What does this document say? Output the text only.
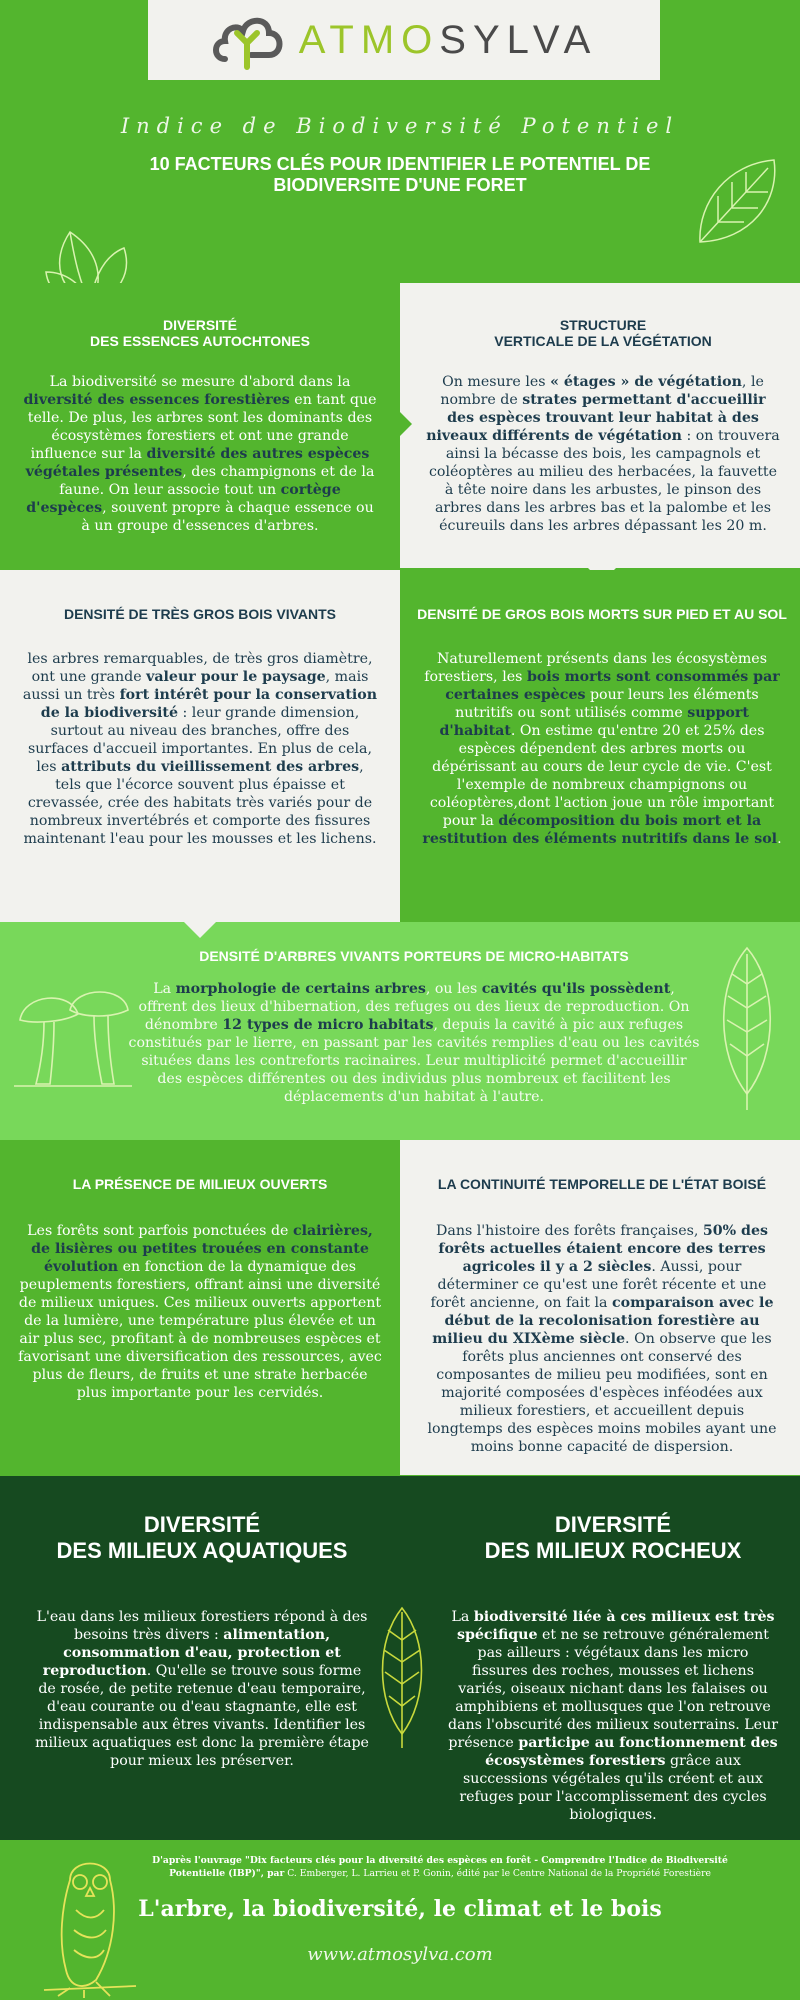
ATMOSYLVA
Indice de Biodiversité Potentiel
10 FACTEURS CLÉS POUR IDENTIFIER LE POTENTIEL DE BIODIVERSITE D'UNE FORET
DIVERSITÉ
DES ESSENCES AUTOCHTONES

La biodiversité se mesure d'abord dans la diversité des essences forestières en tant que telle. De plus, les arbres sont les dominants des écosystèmes forestiers et ont une grande influence sur la diversité des autres espèces végétales présentes, des champignons et de la faune. On leur associe tout un cortège d'espèces, souvent propre à chaque essence ou à un groupe d'essences d'arbres.

STRUCTURE
VERTICALE DE LA VÉGÉTATION

On mesure les « étages » de végétation, le nombre de strates permettant d'accueillir des espèces trouvant leur habitat à des niveaux différents de végétation : on trouvera ainsi la bécasse des bois, les campagnols et coléoptères au milieu des herbacées, la fauvette à tête noire dans les arbustes, le pinson des arbres dans les arbres bas et la palombe et les écureuils dans les arbres dépassant les 20 m.

DENSITÉ DE TRÈS GROS BOIS VIVANTS

les arbres remarquables, de très gros diamètre, ont une grande valeur pour le paysage, mais aussi un très fort intérêt pour la conservation de la biodiversité : leur grande dimension, surtout au niveau des branches, offre des surfaces d'accueil importantes. En plus de cela, les attributs du vieillissement des arbres, tels que l'écorce souvent plus épaisse et crevassée, crée des habitats très variés pour de nombreux invertébrés et comporte des fissures maintenant l'eau pour les mousses et les lichens.

DENSITÉ DE GROS BOIS MORTS SUR PIED ET AU SOL

Naturellement présents dans les écosystèmes forestiers, les bois morts sont consommés par certaines espèces pour leurs les éléments nutritifs ou sont utilisés comme support d'habitat. On estime qu'entre 20 et 25% des espèces dépendent des arbres morts ou dépérissant au cours de leur cycle de vie. C'est l'exemple de nombreux champignons ou coléoptères,dont l'action joue un rôle important pour la décomposition du bois mort et la restitution des éléments nutritifs dans le sol.

DENSITÉ D'ARBRES VIVANTS PORTEURS DE MICRO-HABITATS

La morphologie de certains arbres, ou les cavités qu'ils possèdent, offrent des lieux d'hibernation, des refuges ou des lieux de reproduction. On dénombre 12 types de micro habitats, depuis la cavité à pic aux refuges constitués par le lierre, en passant par les cavités remplies d'eau ou les cavités situées dans les contreforts racinaires. Leur multiplicité permet d'accueillir des espèces différentes ou des individus plus nombreux et facilitent les déplacements d'un habitat à l'autre.

LA PRÉSENCE DE MILIEUX OUVERTS

Les forêts sont parfois ponctuées de clairières, de lisières ou petites trouées en constante évolution en fonction de la dynamique des peuplements forestiers, offrant ainsi une diversité de milieux uniques. Ces milieux ouverts apportent de la lumière, une température plus élevée et un air plus sec, profitant à de nombreuses espèces et favorisant une diversification des ressources, avec plus de fleurs, de fruits et une strate herbacée plus importante pour les cervidés.

LA CONTINUITÉ TEMPORELLE DE L'ÉTAT BOISÉ

Dans l'histoire des forêts françaises, 50% des forêts actuelles étaient encore des terres agricoles il y a 2 siècles. Aussi, pour déterminer ce qu'est une forêt récente et une forêt ancienne, on fait la comparaison avec le début de la recolonisation forestière au milieu du XIXème siècle. On observe que les forêts plus anciennes ont conservé des composantes de milieu peu modifiées, sont en majorité composées d'espèces inféodées aux milieux forestiers, et accueillent depuis longtemps des espèces moins mobiles ayant une moins bonne capacité de dispersion.

DIVERSITÉ
DES MILIEUX AQUATIQUES

L'eau dans les milieux forestiers répond à des besoins très divers : alimentation, consommation d'eau, protection et reproduction. Qu'elle se trouve sous forme de rosée, de petite retenue d'eau temporaire, d'eau courante ou d'eau stagnante, elle est indispensable aux êtres vivants. Identifier les milieux aquatiques est donc la première étape pour mieux les préserver.

DIVERSITÉ
DES MILIEUX ROCHEUX

La biodiversité liée à ces milieux est très spécifique et ne se retrouve généralement pas ailleurs : végétaux dans les micro fissures des roches, mousses et lichens variés, oiseaux nichant dans les falaises ou amphibiens et mollusques que l'on retrouve dans l'obscurité des milieux souterrains. Leur présence participe au fonctionnement des écosystèmes forestiers grâce aux successions végétales qu'ils créent et aux refuges pour l'accomplissement des cycles biologiques.

D'après l'ouvrage "Dix facteurs clés pour la diversité des espèces en forêt - Comprendre l'Indice de Biodiversité Potentielle (IBP)", par C. Emberger, L. Larrieu et P. Gonin, édité par le Centre National de la Propriété Forestière
L'arbre, la biodiversité, le climat et le bois
www.atmosylva.com
